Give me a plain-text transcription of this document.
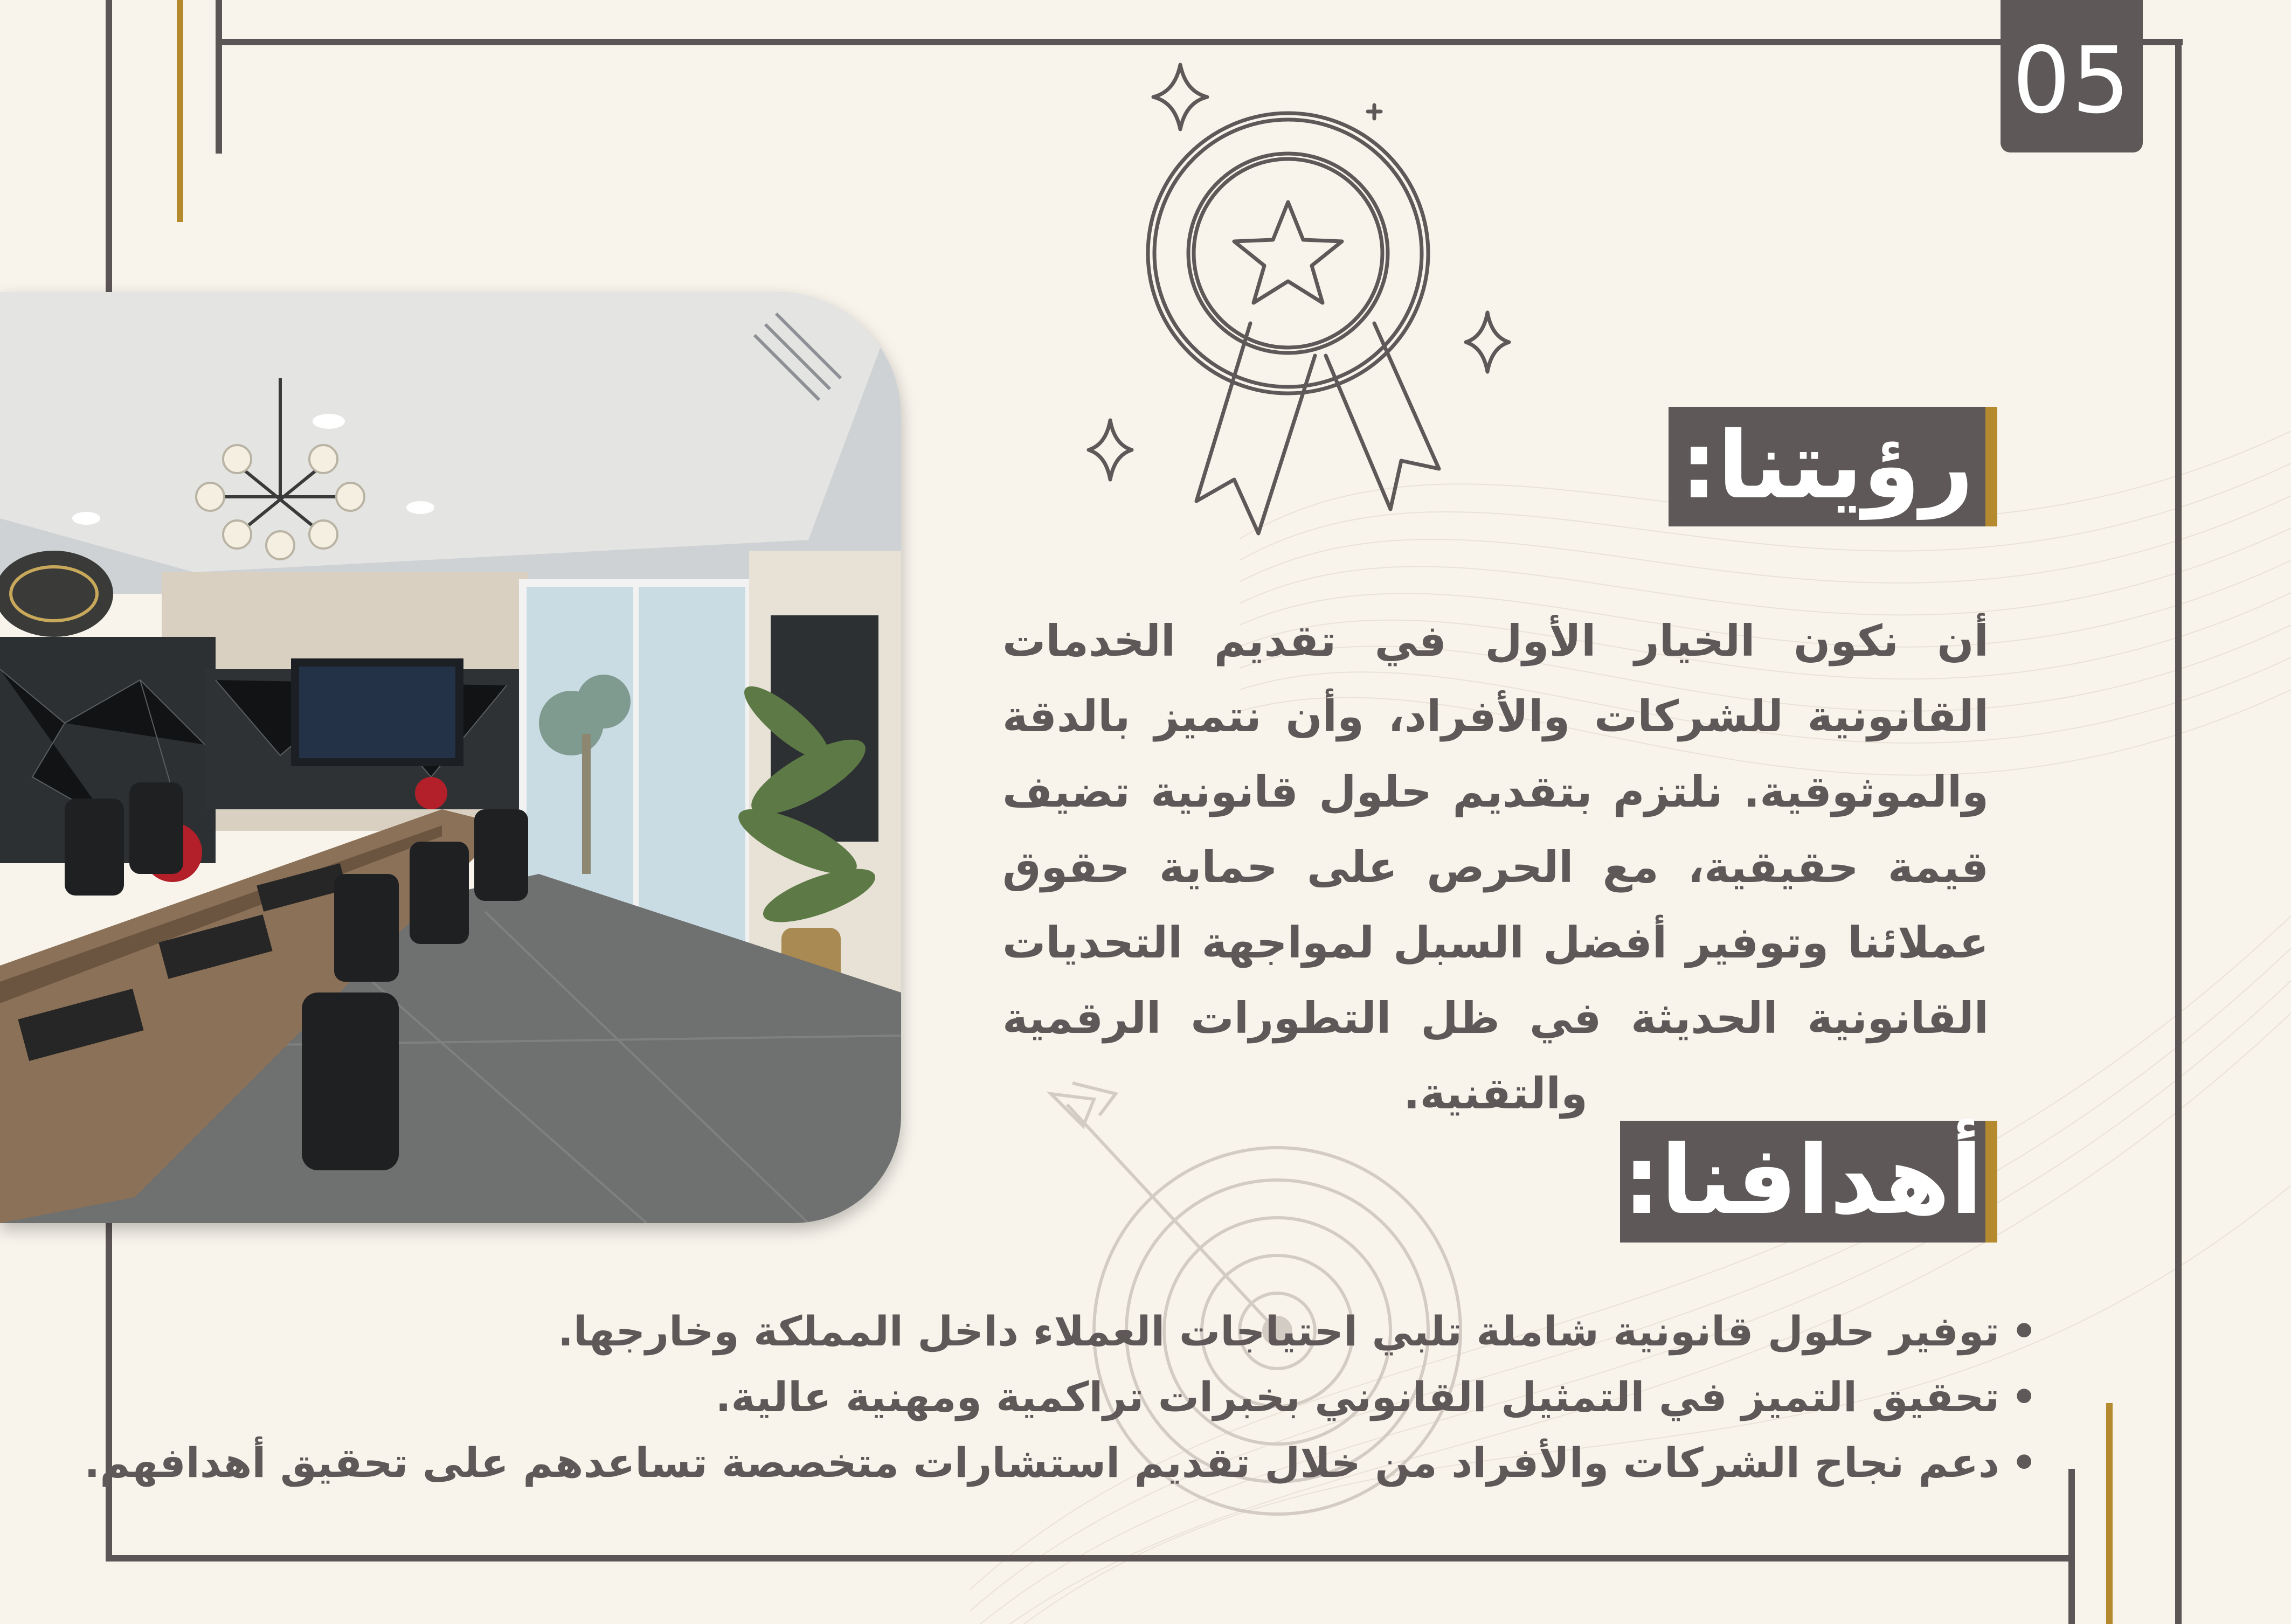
05
رؤيتنا:
أن نكون الخيار الأول في تقديم الخدمات القانونية للشركات والأفراد، وأن نتميز بالدقة والموثوقية. نلتزم بتقديم حلول قانونية تضيف قيمة حقيقية، مع الحرص على حماية حقوق عملائنا وتوفير أفضل السبل لمواجهة التحديات القانونية الحديثة في ظل التطورات الرقمية والتقنية.
أهدافنا:
•
توفير حلول قانونية شاملة تلبي احتياجات العملاء داخل المملكة وخارجها.
•
تحقيق التميز في التمثيل القانوني بخبرات تراكمية ومهنية عالية.
•
دعم نجاح الشركات والأفراد من خلال تقديم استشارات متخصصة تساعدهم على تحقيق أهدافهم.
